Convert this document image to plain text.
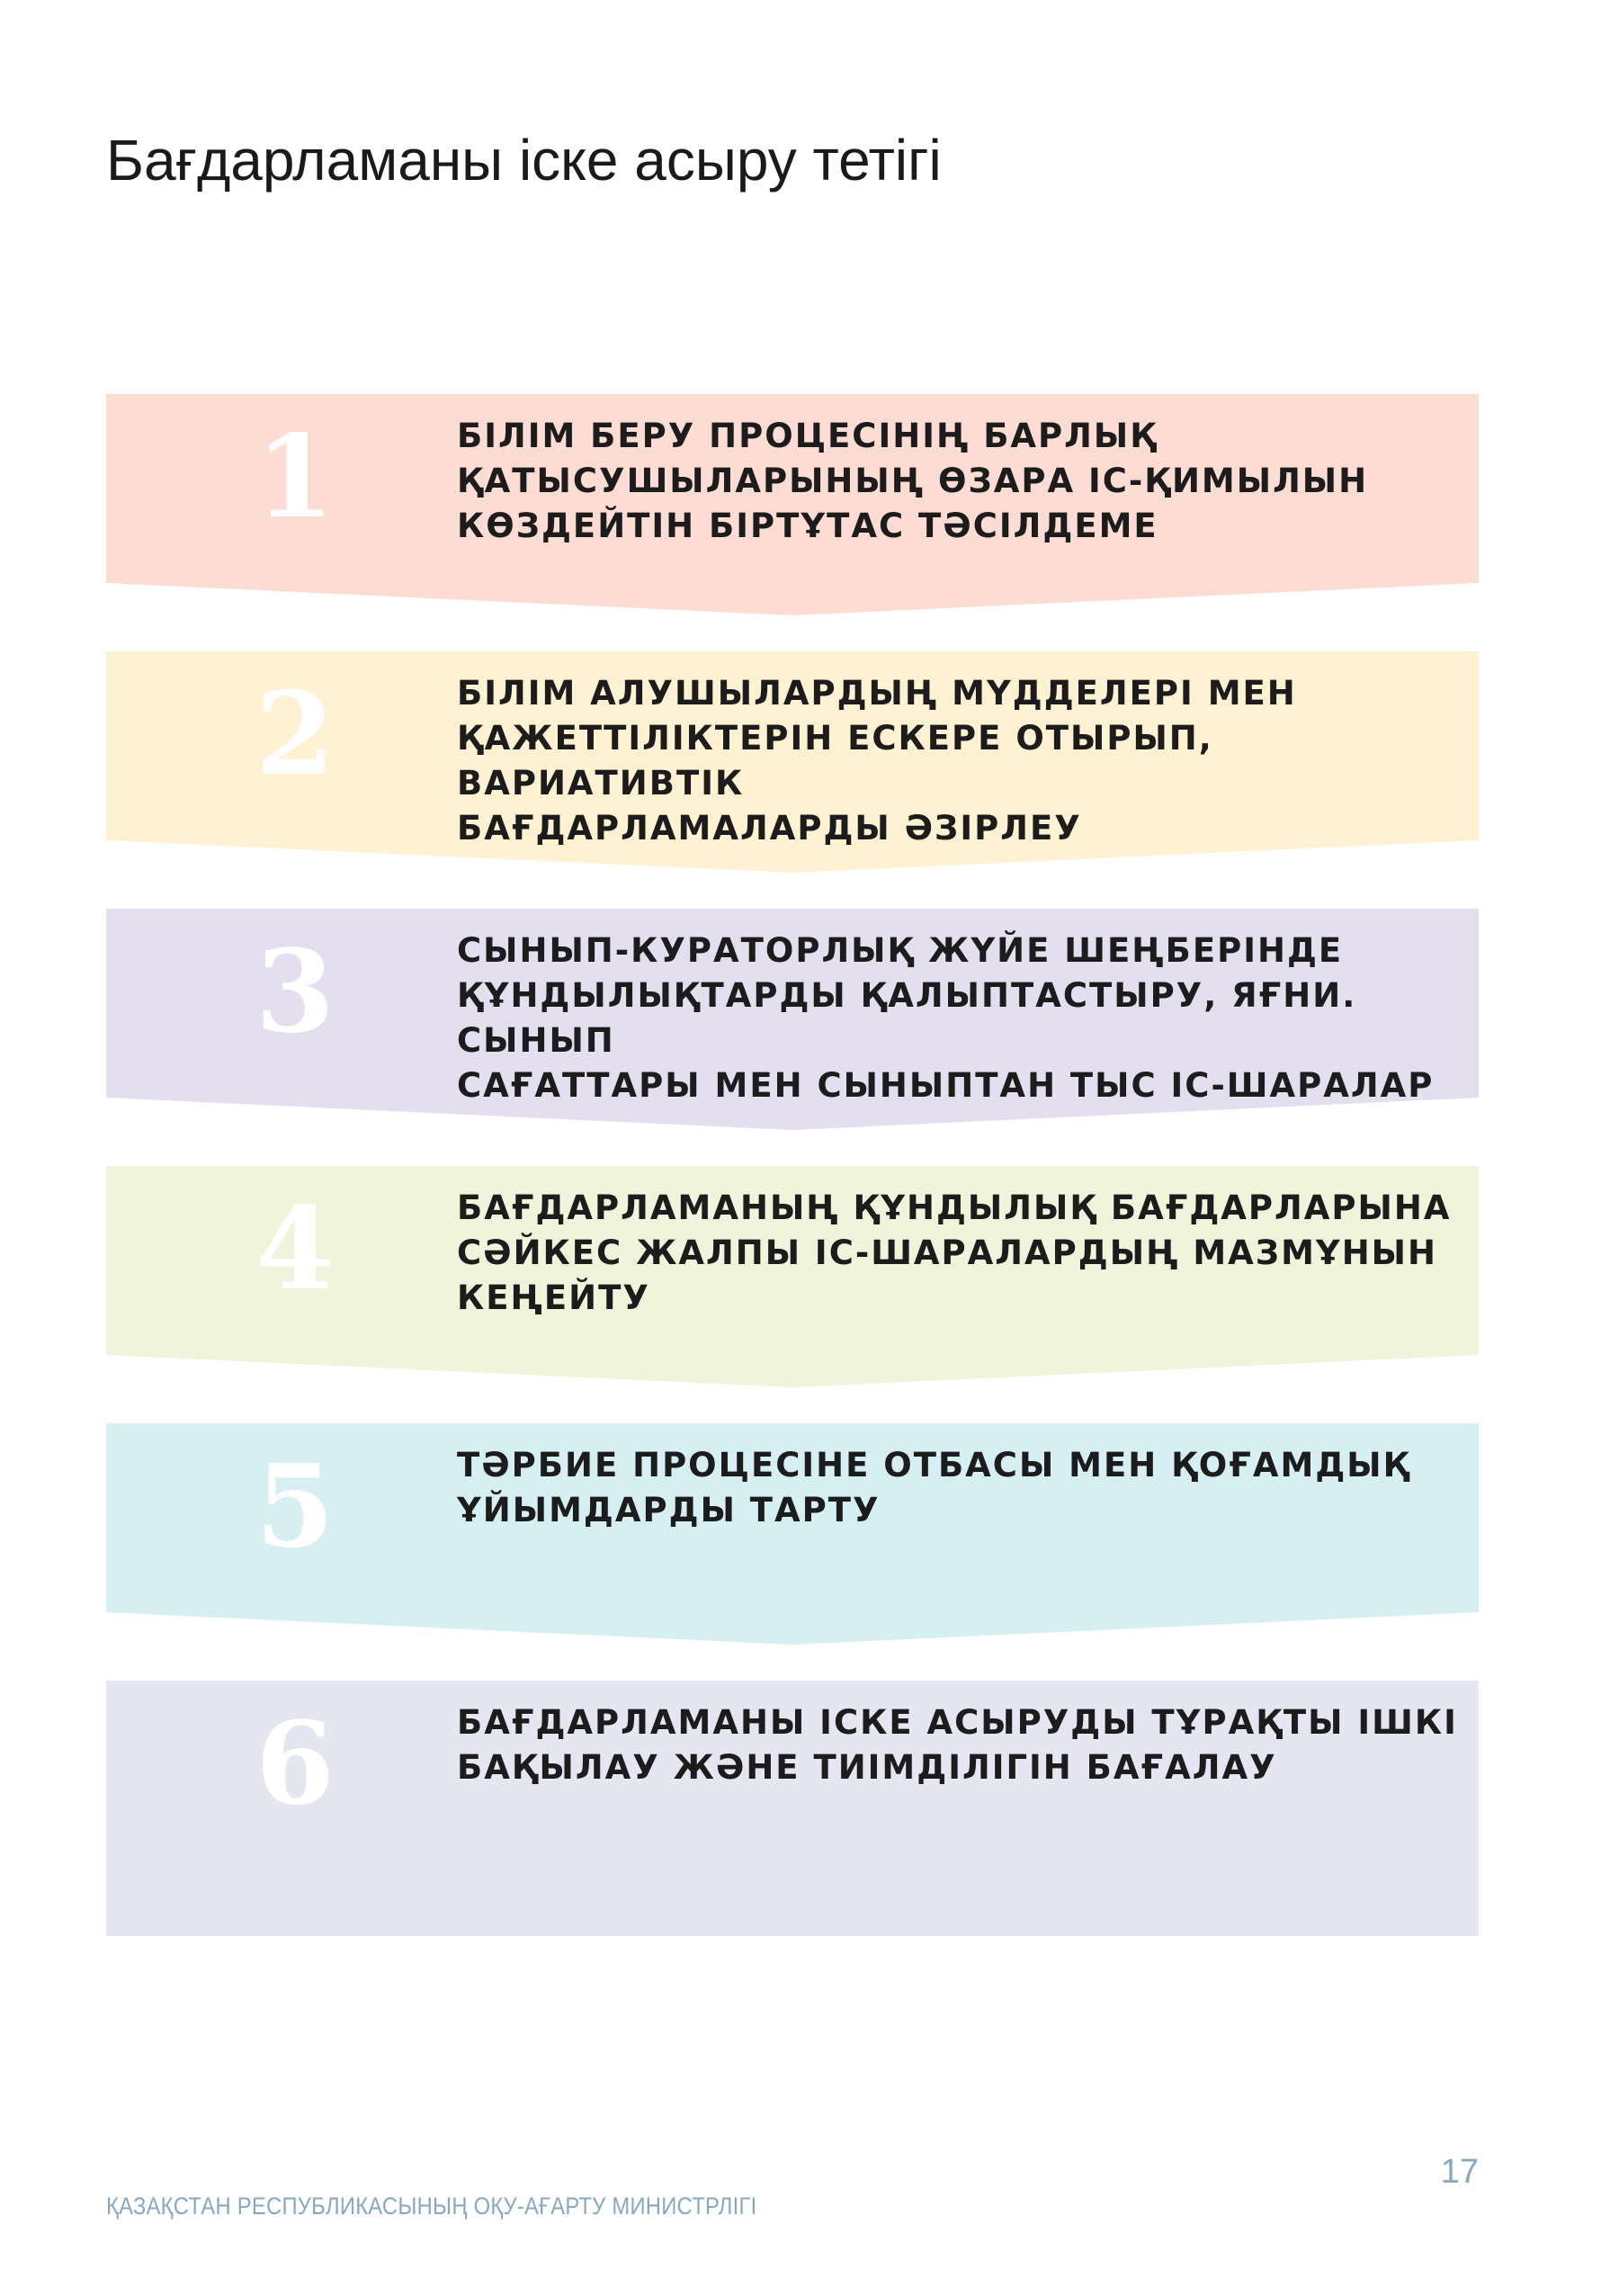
Бағдарламаны іске асыру тетігі
1	БІЛІМ БЕРУ ПРОЦЕСІНІҢ БАРЛЫҚ
ҚАТЫСУШЫЛАРЫНЫҢ ӨЗАРА ІС-ҚИМЫЛЫН
КӨЗДЕЙТІН БІРТҰТАС ТӘСІЛДЕМЕ

2	БІЛІМ АЛУШЫЛАРДЫҢ МҮДДЕЛЕРІ МЕН
ҚАЖЕТТІЛІКТЕРІН ЕСКЕРЕ ОТЫРЫП, ВАРИАТИВТІК
БАҒДАРЛАМАЛАРДЫ ӘЗІРЛЕУ

3	СЫНЫП-КУРАТОРЛЫҚ ЖҮЙЕ ШЕҢБЕРІНДЕ
ҚҰНДЫЛЫҚТАРДЫ ҚАЛЫПТАСТЫРУ, ЯҒНИ. СЫНЫП
САҒАТТАРЫ МЕН СЫНЫПТАН ТЫС ІС-ШАРАЛАР

4	БАҒДАРЛАМАНЫҢ ҚҰНДЫЛЫҚ БАҒДАРЛАРЫНА
СӘЙКЕС ЖАЛПЫ ІС-ШАРАЛАРДЫҢ МАЗМҰНЫН
КЕҢЕЙТУ

5	ТӘРБИЕ ПРОЦЕСІНЕ ОТБАСЫ МЕН ҚОҒАМДЫҚ
ҰЙЫМДАРДЫ ТАРТУ

6	БАҒДАРЛАМАНЫ ІСКЕ АСЫРУДЫ ТҰРАҚТЫ ІШКІ
БАҚЫЛАУ ЖӘНЕ ТИІМДІЛІГІН БАҒАЛАУ

17

ҚАЗАҚСТАН РЕСПУБЛИКАСЫНЫҢ ОҚУ-АҒАРТУ МИНИСТРЛІГІ
